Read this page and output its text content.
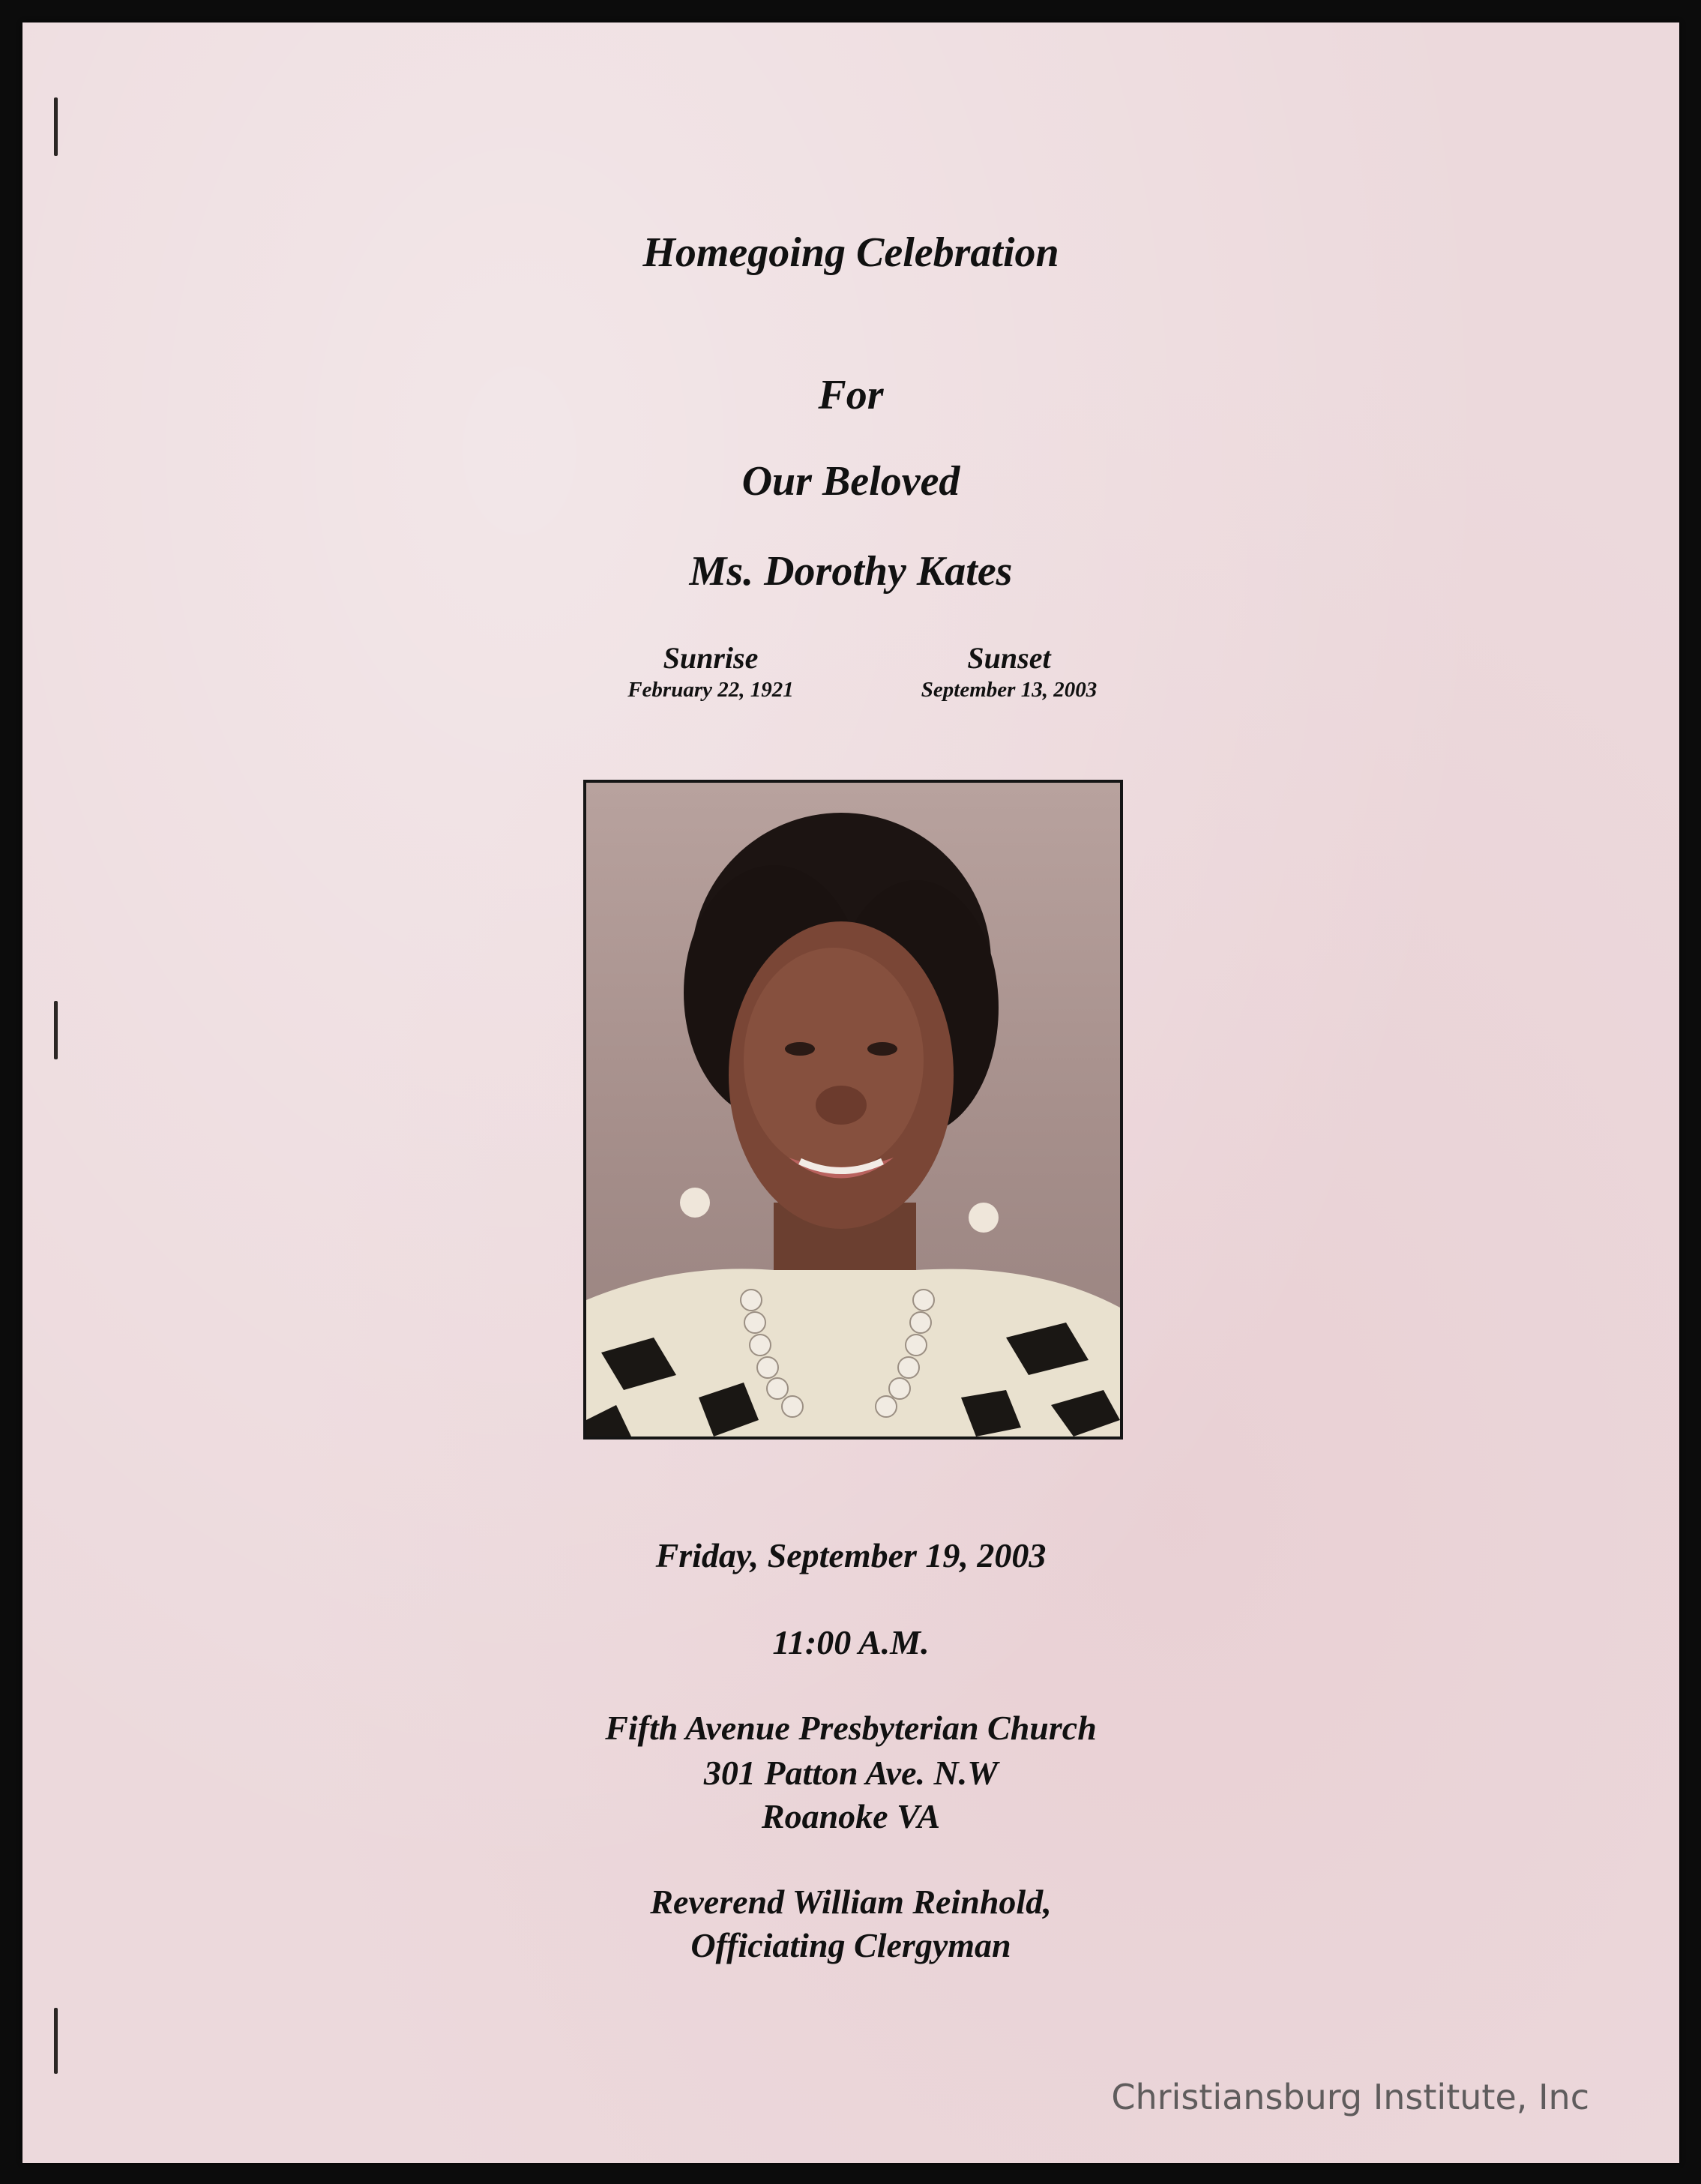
Homegoing Celebration
For
Our Beloved
Ms. Dorothy Kates
Sunrise
February 22, 1921
Sunset
September 13, 2003
Friday, September 19, 2003
11:00 A.M.
Fifth Avenue Presbyterian Church
301 Patton Ave. N.W
Roanoke VA
Reverend William Reinhold,
Officiating Clergyman
Christiansburg Institute, Inc
